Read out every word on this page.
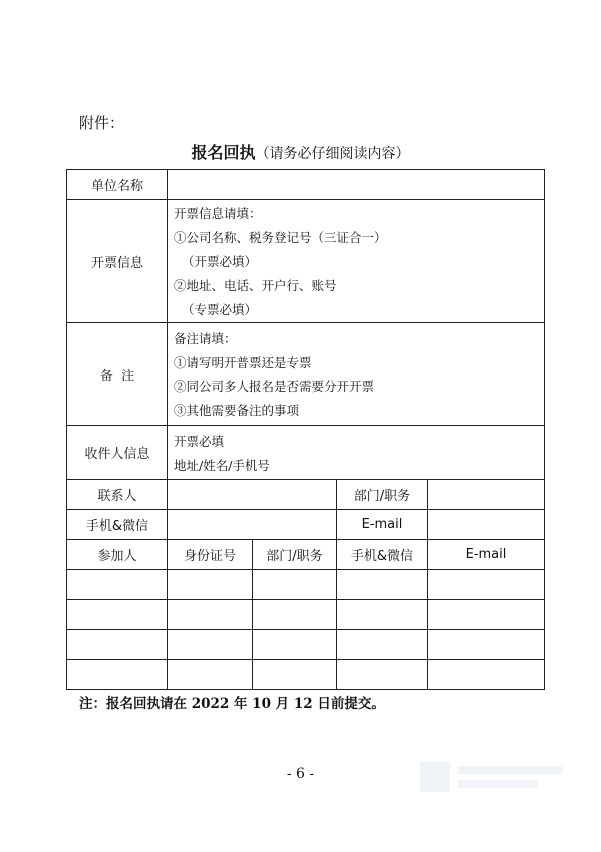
附件：
报名回执（请务必仔细阅读内容）
单位名称				
开票信息	开票信息请填：
①公司名称、税务登记号（三证合一）
（开票必填）
②地址、电话、开户行、账号
（专票必填）			

备  注	备注请填：
①请写明开普票还是专票
②同公司多人报名是否需要分开开票
③其他需要备注的事项			

收件人信息	开票必填
地址/姓名/手机号			

联系人			部门/职务	
手机&微信			E-mail	
参加人	身份证号	部门/职务	手机&微信	E-mail

注：报名回执请在 2022 年 10 月 12 日前提交。
- 6 -
